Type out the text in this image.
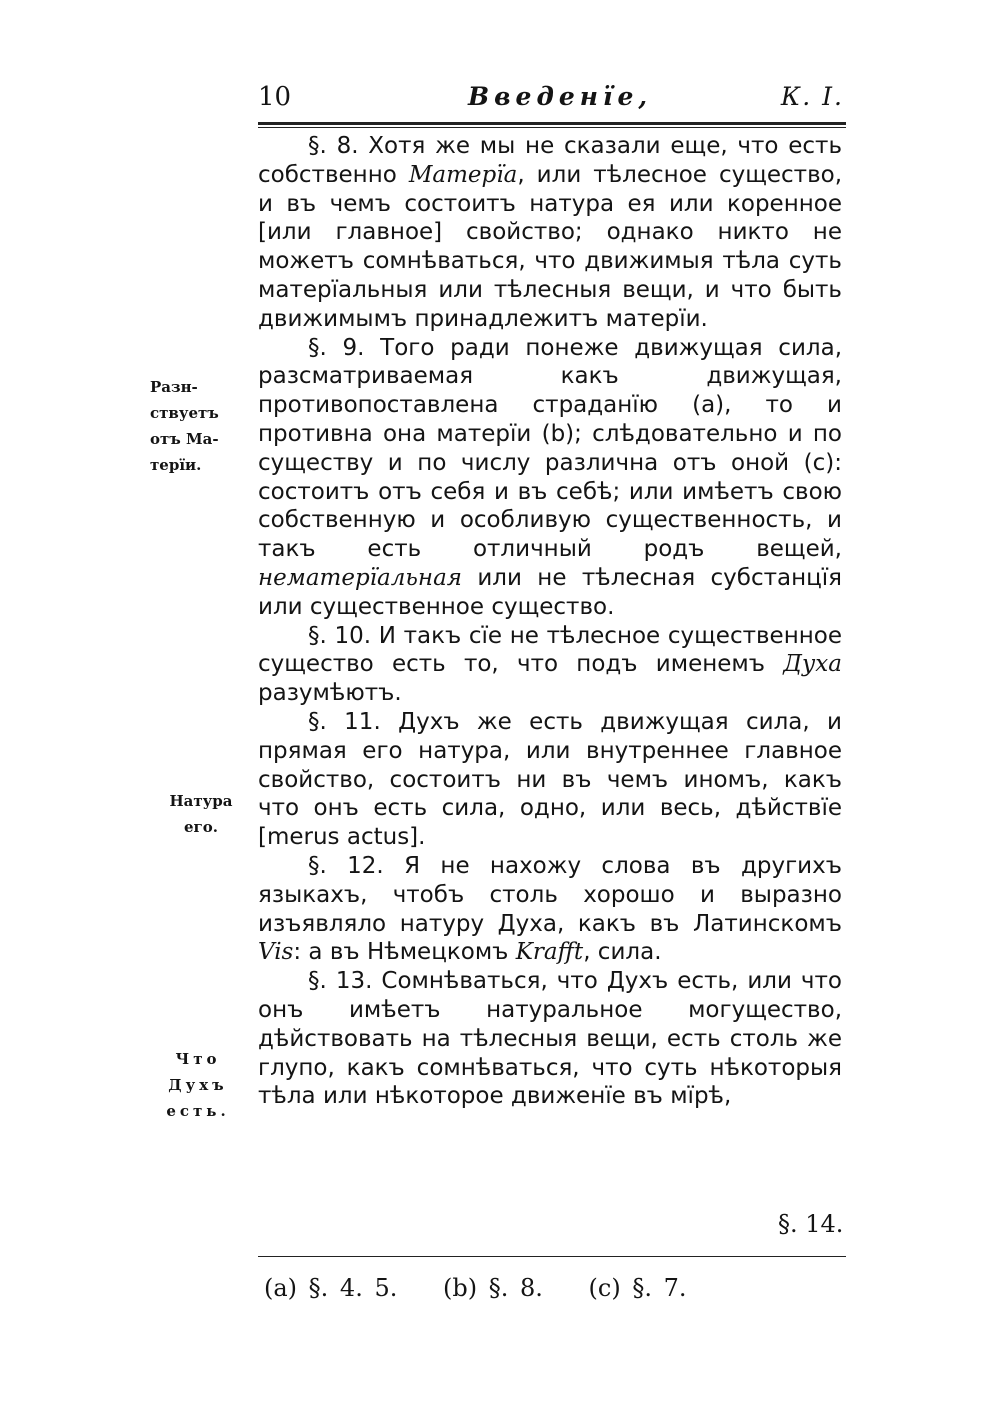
10	Введенїе,	К. I.
Разн-
ствуетъ
отъ Ма-
терїи.
Натура
его.
Что
Духъ
есть.

§. 8. Хотя же мы не сказали еще, что есть собственно Матерїа, или тѣлесное существо, и въ чемъ состоитъ натура ея или коренное [или главное] свойство; однако никто не можетъ сомнѣваться, что движимыя тѣла суть матерїальныя или тѣлесныя вещи, и что быть движимымъ принадлежитъ матерїи.

§. 9. Того ради понеже движущая сила, разсматриваемая какъ движущая, противопоставлена страданїю (a), то и противна она матерїи (b); слѣдовательно и по существу и по числу различна отъ оной (c): состоитъ отъ себя и въ себѣ; или имѣетъ свою собственную и особливую существенность, и такъ есть отличный родъ вещей, нематерїальная или не тѣлесная субстанцїя или существенное существо.

§. 10. И такъ сїе не тѣлесное существенное существо есть то, что подъ именемъ Духа разумѣютъ.

§. 11. Духъ же есть движущая сила, и прямая его натура, или внутреннее главное свойство, состоитъ ни въ чемъ иномъ, какъ что онъ есть сила, одно, или весь, дѣйствїе [merus actus].

§. 12. Я не нахожу слова въ другихъ языкахъ, чтобъ столь хорошо и выразно изъявляло натуру Духа, какъ въ Латинскомъ Vis: а въ Нѣмецкомъ Krafft, сила.

§. 13. Сомнѣваться, что Духъ есть, или что онъ имѣетъ натуральное могущество, дѣйствовать на тѣлесныя вещи, есть столь же глупо, какъ сомнѣваться, что суть нѣкоторыя тѣла или нѣкоторое движенїе въ мїрѣ,

§. 14.
(a) §. 4. 5. (b) §. 8. (c) §. 7.
